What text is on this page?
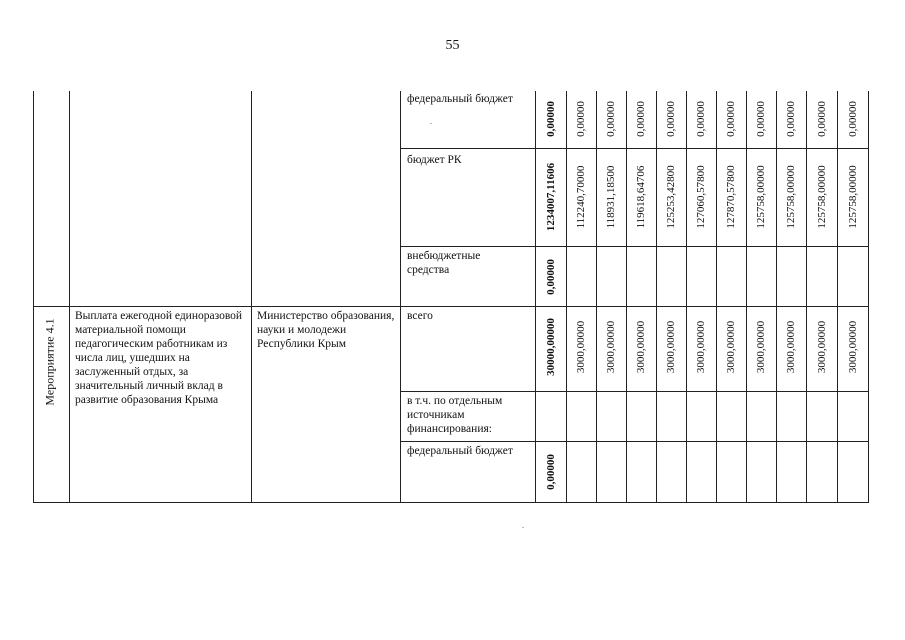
55
федеральный бюджет
бюджет РК
внебюджетные средства
всего
в т.ч. по отдельным источникам финансирования:
федеральный бюджет
Мероприятие 4.1
Выплата ежегодной единоразовой материальной помощи педагогическим работникам из числа лиц, ушедших на заслуженный отдых, за значительный личный вклад в развитие образования Крыма
Министерство образования, науки и молодежи Республики Крым
0,00000 0,00000 0,00000 0,00000 0,00000 0,00000 0,00000 0,00000 0,00000 0,00000 0,00000
1234007,11606 112240,70000 118931,18500 119618,64706 125253,42800 127060,57800 127870,57800 125758,00000 125758,00000 125758,00000 125758,00000
0,00000
30000,00000 3000,00000 3000,00000 3000,00000 3000,00000 3000,00000 3000,00000 3000,00000 3000,00000 3000,00000 3000,00000
0,00000
